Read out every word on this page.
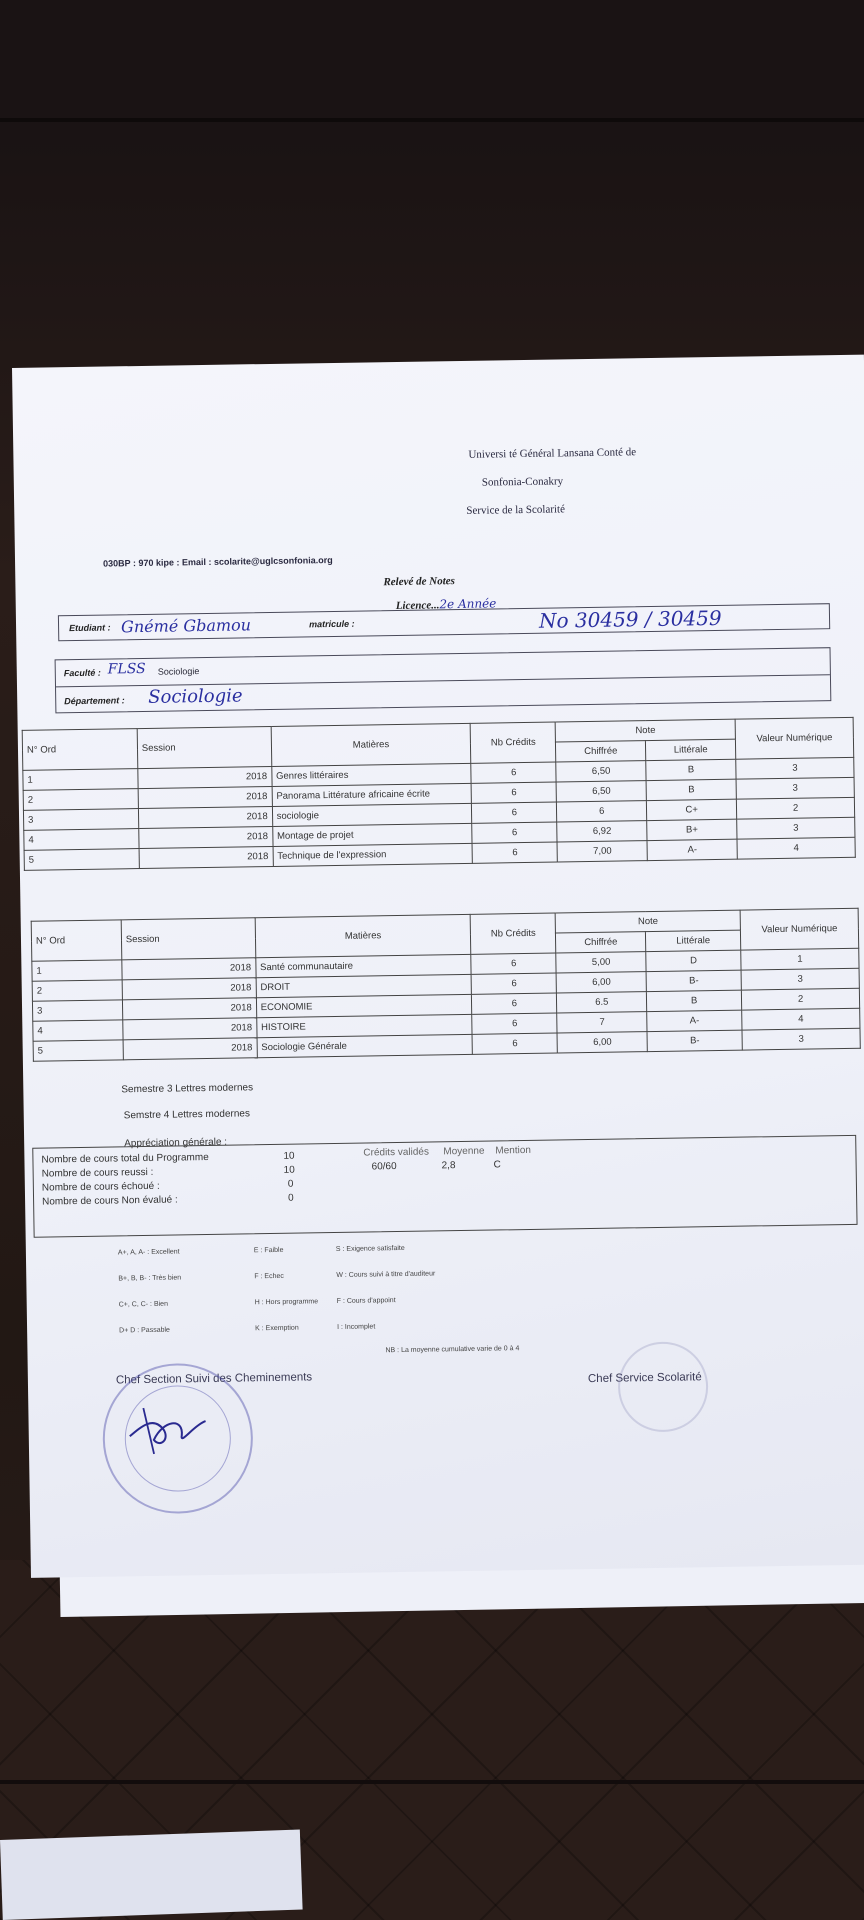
Universi té Général Lansana Conté de
Sonfonia-Conakry
Service de la Scolarité
030BP : 970 kipe : Email : scolarite@uglcsonfonia.org
Relevé de Notes
Licence...2e Année
Etudiant : Gnémé Gbamou	matricule :	No 30459 / 30459
Faculté : FLSS Sociologie
Département : Sociologie
N° Ord	Session	Matières	Nb Crédits	Note		Valeur Numérique
				Chiffrée	Littérale	
1	2018	Genres littéraires	6	6,50	B	3
2	2018	Panorama Littérature africaine écrite	6	6,50	B	3
3	2018	sociologie	6	6	C+	2
4	2018	Montage de projet	6	6,92	B+	3
5	2018	Technique de l'expression	6	7,00	A-	4
N° Ord	Session	Matières	Nb Crédits	Note		Valeur Numérique
				Chiffrée	Littérale	
1	2018	Santé communautaire	6	5,00	D	1
2	2018	DROIT	6	6,00	B-	3
3	2018	ECONOMIE	6	6.5	B	2
4	2018	HISTOIRE	6	7	A-	4
5	2018	Sociologie Générale	6	6,00	B-	3
Semestre 3 Lettres modernes
Semstre 4 Lettres modernes
Appréciation générale :
Nombre de cours total du Programme	10
Nombre de cours reussi :	10
Nombre de cours échoué :	0
Nombre de cours Non évalué :	0
Crédits validés
60/60
Moyenne
2,8
Mention
C
A+, A, A- : Excellent	E : Faible	S : Exigence satisfaite
B+, B, B- : Très bien	F : Echec	W : Cours suivi à titre d'auditeur
C+, C, C- : Bien	H : Hors programme	F : Cours d'appoint
D+ D : Passable	K : Exemption	I : Incomplet
NB : La moyenne cumulative varie de 0 à 4
Chef Section Suivi des Cheminements	Chef Service Scolarité
